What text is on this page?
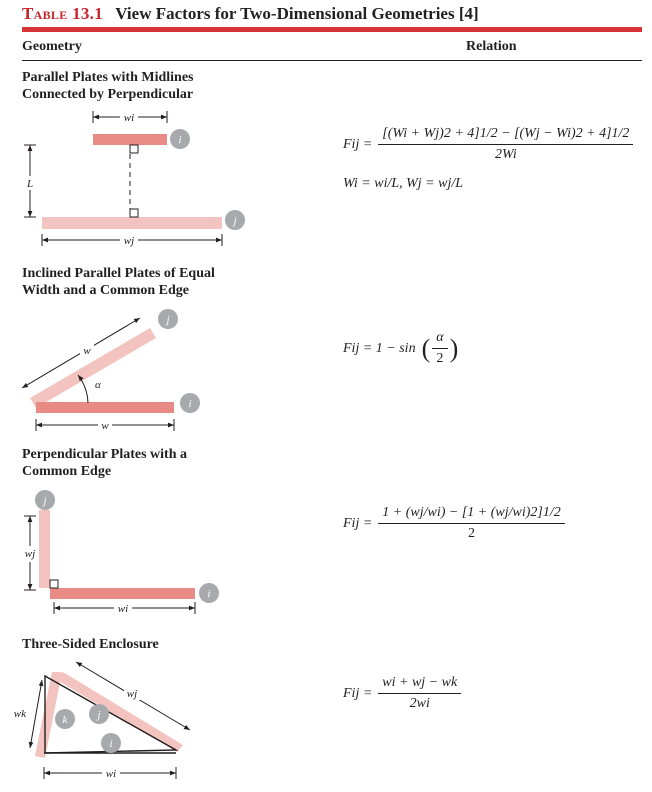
Table 13.1 View Factors for Two-Dimensional Geometries [4]
Geometry	Relation
Parallel Plates with Midlines
Connected by Perpendicular
Inclined Parallel Plates of Equal
Width and a Common Edge
Perpendicular Plates with a
Common Edge
Three-Sided Enclosure
Fij = $\frac{[(Wi + Wj)2 + 4]1/2 - [(Wj - Wi)2 + 4]1/2}{2Wi}$
Wi = wi/L, Wj = wj/L
Fij = 1 − sin ( $\frac{\alpha}{2}$ )
Fij = $\frac{1 + (wj/wi) - [1 + (wj/wi)2]1/2}{2}$
Fij = $\frac{wi + wj - wk}{2wi}$
wi
wj
L
i
j
w
α
w
j
i
wj
wi
j
i
wk
wj
wi
k	j
i
